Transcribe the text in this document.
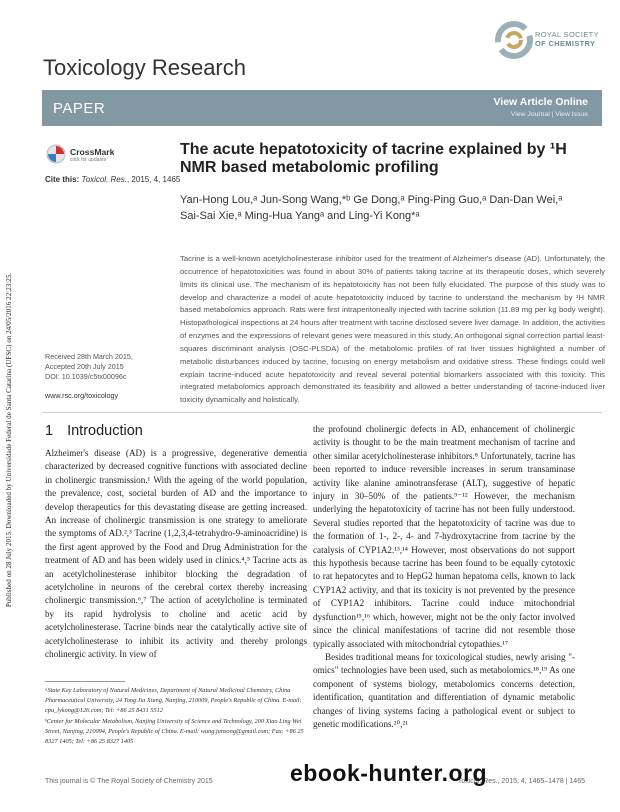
Published on 28 July 2015. Downloaded by Universidade Federal de Santa Catarina (UFSC) on 24/05/2016 22:23:25.
ROYAL SOCIETY
OF CHEMISTRY
Toxicology Research
PAPER	View Article Online
View Journal | View Issue
CrossMark
click for updates
Cite this: Toxicol. Res., 2015, 4, 1465
The acute hepatotoxicity of tacrine explained by ¹H NMR based metabolomic profiling
Yan-Hong Lou,ᵃ Jun-Song Wang,*ᵇ Ge Dong,ᵃ Ping-Ping Guo,ᵃ Dan-Dan Wei,ᵃ Sai-Sai Xie,ᵃ Ming-Hua Yangᵃ and Ling-Yi Kong*ᵃ
Tacrine is a well-known acetylcholinesterase inhibitor used for the treatment of Alzheimer's disease (AD). Unfortunately, the occurrence of hepatotoxicities was found in about 30% of patients taking tacrine at its therapeutic doses, which severely limits its clinical use. The mechanism of its hepatotoxicity has not been fully elucidated. The purpose of this study was to develop and characterize a model of acute hepatotoxicity induced by tacrine to understand the mechanism by ¹H NMR based metabolomics approach. Rats were first intraperitoneally injected with tacrine solution (11.89 mg per kg body weight). Histopathological inspections at 24 hours after treatment with tacrine disclosed severe liver damage. In addition, the activities of enzymes and the expressions of relevant genes were measured in this study. An orthogonal signal correction partial least-squares discriminant analysis (OSC-PLSDA) of the metabolomic profiles of rat liver tissues highlighted a number of metabolic disturbances induced by tacrine, focusing on energy metabolism and oxidative stress. These findings could well explain tacrine-induced acute hepatotoxicity and reveal several potential biomarkers associated with this toxicity. This integrated metabolomics approach demonstrated its feasibility and allowed a better understanding of tacrine-induced liver toxicity dynamically and holistically.
Received 28th March 2015,
Accepted 20th July 2015
DOI: 10.1039/c5tx00096c
www.rsc.org/toxicology
1 Introduction

Alzheimer's disease (AD) is a progressive, degenerative dementia characterized by decreased cognitive functions with associated decline in cholinergic transmission.¹ With the ageing of the world population, the prevalence, cost, societal burden of AD and the importance to develop therapeutics for this devastating disease are getting increased. An increase of cholinergic transmission is one strategy to ameliorate the symptoms of AD.²,³ Tacrine (1,2,3,4-tetrahydro-9-aminoacridine) is the first agent approved by the Food and Drug Administration for the treatment of AD and has been widely used in clinics.⁴,⁵ Tacrine acts as an acetylcholinesterase inhibitor blocking the degradation of acetylcholine in neurons of the cerebral cortex thereby increasing cholinergic transmission.⁶,⁷ The action of acetylcholine is terminated by its rapid hydrolysis to choline and acetic acid by acetylcholinesterase. Tacrine binds near the catalytically active site of acetylcholinesterase to inhibit its activity and thereby prolongs cholinergic activity. In view of

the profound cholinergic defects in AD, enhancement of cholinergic activity is thought to be the main treatment mechanism of tacrine and other similar acetylcholinesterase inhibitors.⁸ Unfortunately, tacrine has been reported to induce reversible increases in serum transaminase activity like alanine aminotransferase (ALT), suggestive of hepatic injury in 30–50% of the patients.⁹⁻¹² However, the mechanism underlying the hepatotoxicity of tacrine has not been fully understood. Several studies reported that the hepatotoxicity of tacrine was due to the formation of 1-, 2-, 4- and 7-hydroxytacrine from tacrine by the catalysis of CYP1A2.¹³,¹⁴ However, most observations do not support this hypothesis because tacrine has been found to be equally cytotoxic to rat hepatocytes and to HepG2 human hepatoma cells, known to lack CYP1A2 activity, and that its toxicity is not prevented by the presence of CYP1A2 inhibitors. Tacrine could induce mitochondrial dysfunction¹⁵,¹⁶ which, however, might not be the only factor involved since the clinical manifestations of tacrine did not resemble those typically associated with mitochondrial cytopathies.¹⁷

Besides traditional means for toxicological studies, newly arising "-omics" technologies have been used, such as metabolomics.¹⁸,¹⁹ As one component of systems biology, metabolomics concerns detection, identification, quantitation and differentiation of dynamic metabolic changes of living systems facing a pathological event or subject to genetic modifications.²⁰,²¹

ᵃState Key Laboratory of Natural Medicines, Department of Natural Medicinal Chemistry, China Pharmaceutical University, 24 Tong Jia Xiang, Nanjing, 210009, People's Republic of China. E-mail: cpu_lykong@126.com; Tel: +86 25 8431 5512

ᵇCenter for Molecular Metabolism, Nanjing University of Science and Technology, 200 Xiao Ling Wei Street, Nanjing, 210094, People's Republic of China. E-mail: wang.junsong@gmail.com; Fax: +86 25 8327 1405; Tel: +86 25 8327 1405

This journal is © The Royal Society of Chemistry 2015	Toxicol. Res., 2015, 4, 1465–1478 | 1465
ebook-hunter.org
